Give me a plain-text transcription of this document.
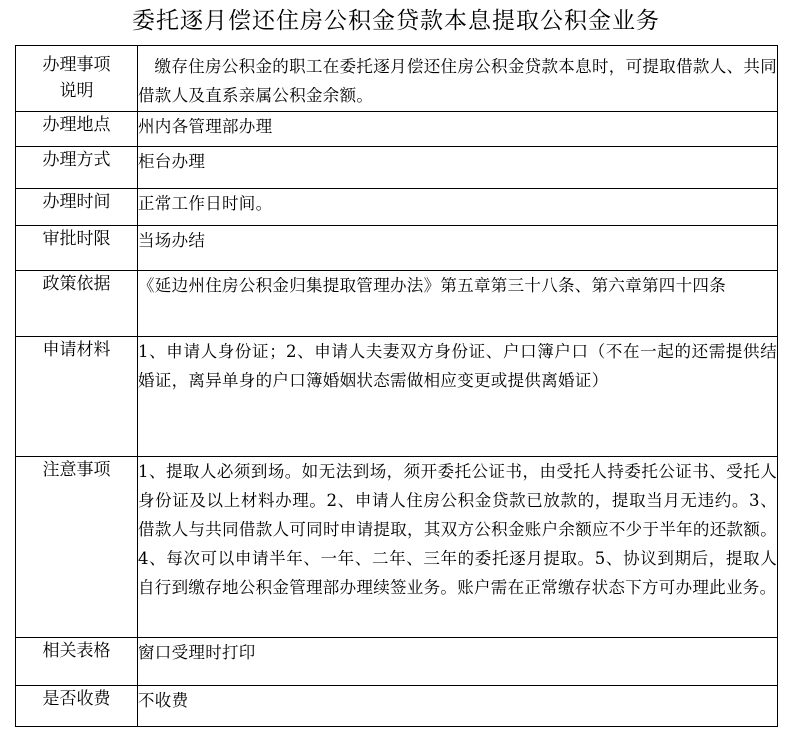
委托逐月偿还住房公积金贷款本息提取公积金业务
办理事项
说明	缴存住房公积金的职工在委托逐月偿还住房公积金贷款本息时，可提取借款人、共同借款人及直系亲属公积金余额。
办理地点	州内各管理部办理
办理方式	柜台办理
办理时间	正常工作日时间。
审批时限	当场办结
政策依据	《延边州住房公积金归集提取管理办法》第五章第三十八条、第六章第四十四条
申请材料	1、申请人身份证；2、申请人夫妻双方身份证、户口簿户口（不在一起的还需提供结婚证，离异单身的户口簿婚姻状态需做相应变更或提供离婚证）
注意事项	1、提取人必须到场。如无法到场，须开委托公证书，由受托人持委托公证书、受托人身份证及以上材料办理。2、申请人住房公积金贷款已放款的，提取当月无违约。3、借款人与共同借款人可同时申请提取，其双方公积金账户余额应不少于半年的还款额。4、每次可以申请半年、一年、二年、三年的委托逐月提取。5、协议到期后，提取人自行到缴存地公积金管理部办理续签业务。账户需在正常缴存状态下方可办理此业务。
相关表格	窗口受理时打印
是否收费	不收费
